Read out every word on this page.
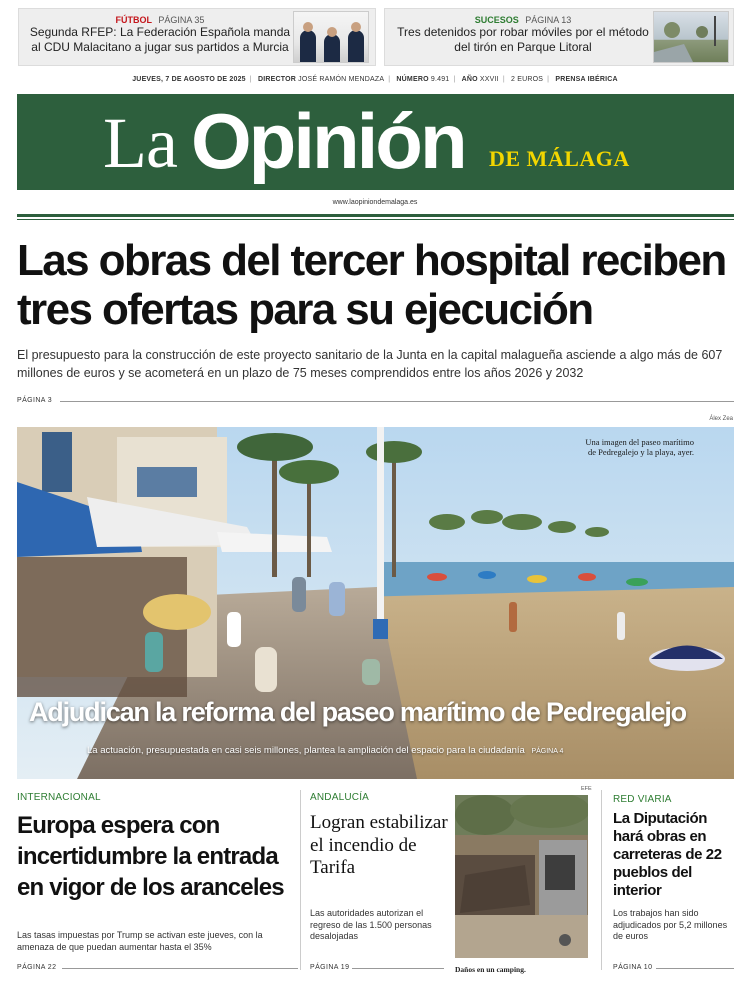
FÚTBOL PÁGINA 35
Segunda RFEP: La Federación Española manda al CDU Malacitano a jugar sus partidos a Murcia
SUCESOS PÁGINA 13
Tres detenidos por robar móviles por el método del tirón en Parque Litoral
JUEVES, 7 DE AGOSTO DE 2025 | DIRECTOR JOSÉ RAMÓN MENDAZA | NÚMERO 9.491 | AÑO XXVII | 2 EUROS | PRENSA IBÉRICA
La Opinión DE MÁLAGA
www.laopiniondemalaga.es
Las obras del tercer hospital reciben tres ofertas para su ejecución

El presupuesto para la construcción de este proyecto sanitario de la Junta en la capital malagueña asciende a algo más de 607 millones de euros y se acometerá en un plazo de 75 meses comprendidos entre los años 2026 y 2032

PÁGINA 3
Álex Zea
Una imagen del paseo marítimo de Pedregalejo y la playa, ayer.
Adjudican la reforma del paseo marítimo de Pedregalejo
La actuación, presupuestada en casi seis millones, plantea la ampliación del espacio para la ciudadanía PÁGINA 4
INTERNACIONAL
Europa espera con incertidumbre la entrada en vigor de los aranceles
Las tasas impuestas por Trump se activan este jueves, con la amenaza de que puedan aumentar hasta el 35%
PÁGINA 22
ANDALUCÍA
Logran estabilizar el incendio de Tarifa
Las autoridades autorizan el regreso de las 1.500 personas desalojadas
PÁGINA 19
EFE
Daños en un camping.
RED VIARIA
La Diputación hará obras en carreteras de 22 pueblos del interior
Los trabajos han sido adjudicados por 5,2 millones de euros
PÁGINA 10
